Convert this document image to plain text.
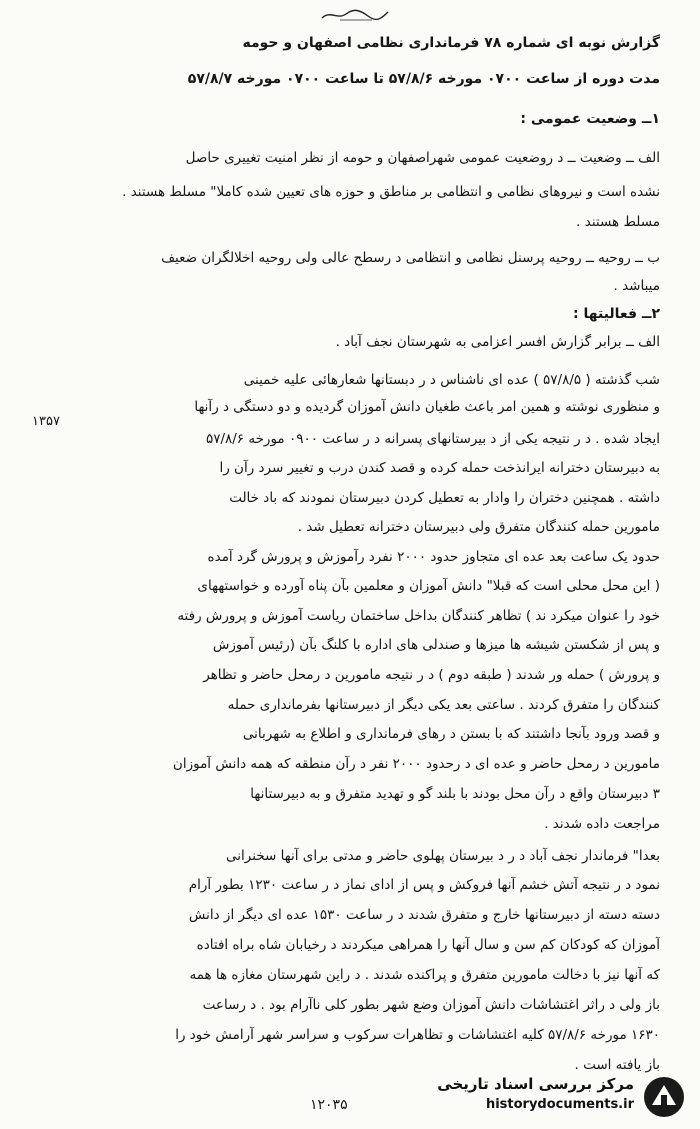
گزارش نوبه ای شماره ۷۸ فرمانداری نظامی اصفهان و حومه
مدت دوره از ساعت ۰۷۰۰ مورخه ۵۷/۸/۶ تا ساعت ۰۷۰۰ مورخه ۵۷/۸/۷
۱ــ وضعیت عمومی :
الف ــ وضعیت ــ د روضعیت عمومی شهراصفهان و حومه از نظر امنیت تغییری حاصل
نشده است و نیروهای نظامی و انتظامی بر مناطق و حوزه های تعیین شده کاملا" مسلط هستند .
مسلط هستند .
ب ــ روحیه ــ روحیه پرسنل نظامی و انتظامی د رسطح عالی ولی روحیه اخلالگران ضعیف
میباشد .
۲ــ فعالیتها :
الف ــ برابر گزارش افسر اعزامی به شهرستان نجف آباد .
شب گذشته ( ۵۷/۸/۵ ) عده ای ناشناس د ر دبستانها شعارهائی علیه خمینی
و منظوری نوشته و همین امر باعث طغیان دانش آموزان گردیده و دو دستگی د رآنها
۱۳۵۷
ایجاد شده . د ر نتیجه یکی از د بیرستانهای پسرانه د ر ساعت ۰۹۰۰ مورخه ۵۷/۸/۶
به دبیرستان دخترانه ایرانذخت حمله کرده و قصد کندن درب و تغییر سرد رآن را
داشته . همچنین دختران را وادار به تعطیل کردن دبیرستان نمودند که باد خالت
مامورین حمله کنندگان متفرق ولی دبیرستان دخترانه تعطیل شد .
حدود یک ساعت بعد عده ای متجاوز حدود ۲۰۰۰ نفرد رآموزش و پرورش گرد آمده
( این محل محلی است که قبلا" دانش آموزان و معلمین بآن پناه آورده و خواستههای
خود را عنوان میکرد ند ) تظاهر کنندگان بداخل ساختمان ریاست آموزش و پرورش رفته
و پس از شکستن شیشه ها میزها و صندلی های اداره با کلنگ بآن (رئیس آموزش
و پرورش ) حمله ور شدند ( طبقه دوم ) د ر نتیجه مامورین د رمحل حاضر و تظاهر
کنندگان را متفرق کردند . ساعتی بعد یکی دیگر از دبیرستانها بفرمانداری حمله
و قصد ورود بآنجا داشتند که با بستن د رهای فرمانداری و اطلاع به شهربانی
مامورین د رمحل حاضر و عده ای د رحدود ۲۰۰۰ نفر د رآن منطقه که همه دانش آموزان
۳ دبیرستان واقع د رآن محل بودند با بلند گو و تهدید متفرق و به دبیرستانها
مراجعت داده شدند .
بعدا" فرماندار نجف آباد د ر د بیرستان پهلوی حاضر و مدتی برای آنها سخنرانی
نمود د ر نتیجه آتش خشم آنها فروکش و پس از ادای نماز د ر ساعت ۱۲۳۰ بطور آرام
دسته دسته از دبیرستانها خارج و متفرق شدند د ر ساعت ۱۵۳۰ عده ای دیگر از دانش
آموزان که کودکان کم سن و سال آنها را همراهی میکردند د رخیابان شاه براه افتاده
که آنها نیز با دخالت مامورین متفرق و پراکنده شدند . د راین شهرستان مغازه ها همه
باز ولی د راثر اغتشاشات دانش آموزان وضع شهر بطور کلی ناآرام بود . د رساعت
۱۶۳۰ مورخه ۵۷/۸/۶ کلیه اغتشاشات و تظاهرات سرکوب و سراسر شهر آرامش خود را
باز یافته است .
۱۲۰۳۵
مرکز بررسی اسناد تاریخی
historydocuments.ir
